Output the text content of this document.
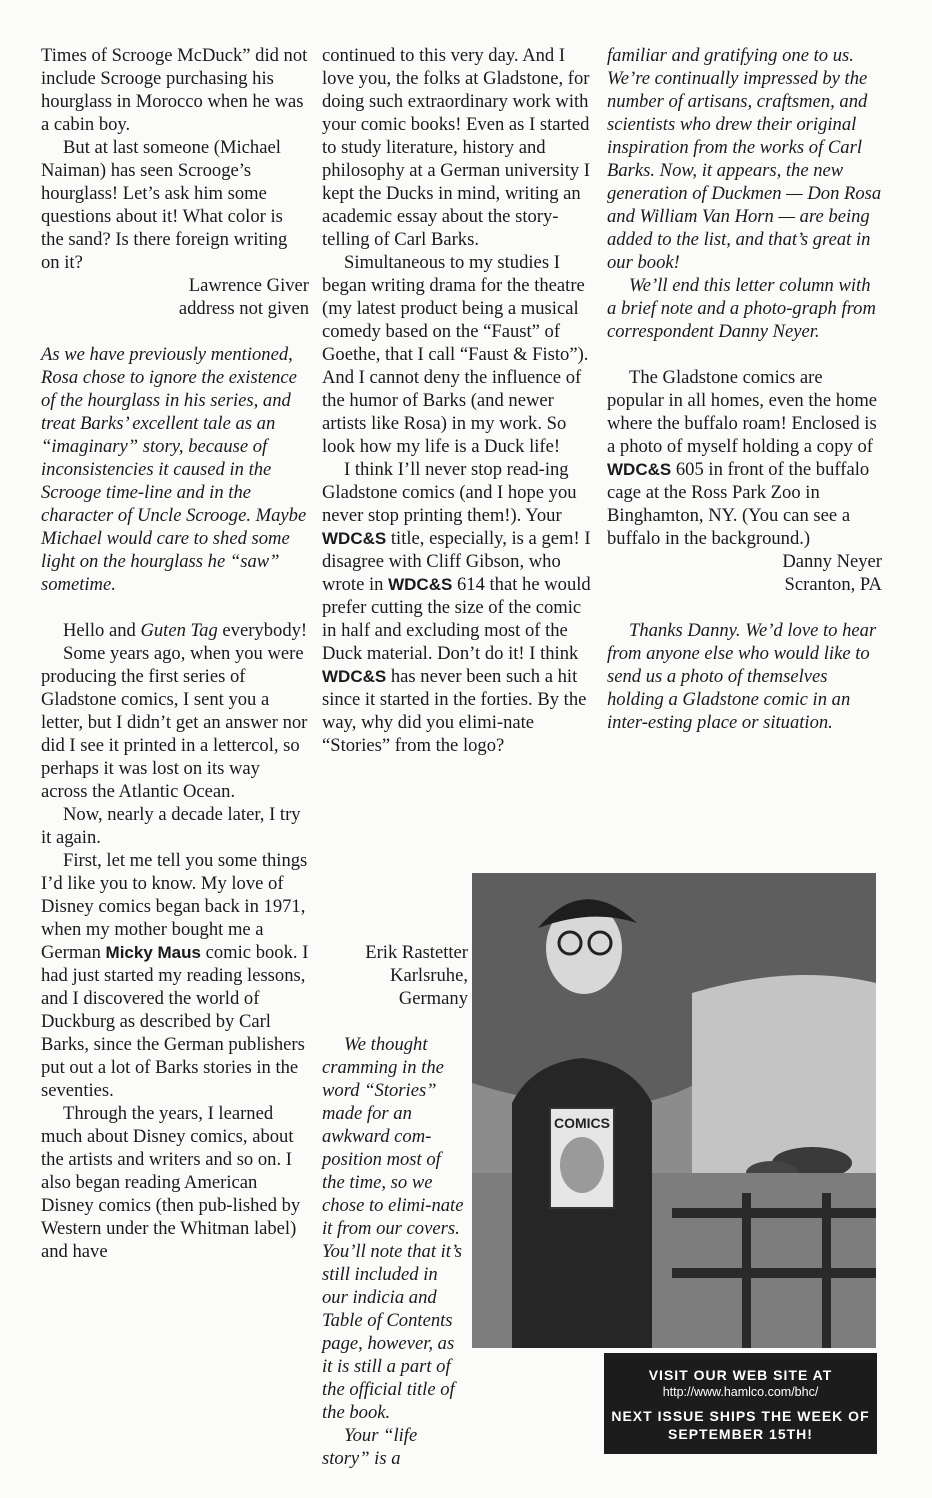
Times of Scrooge McDuck” did not include Scrooge purchasing his hourglass in Morocco when he was a cabin boy.

But at last someone (Michael Naiman) has seen Scrooge’s hourglass! Let’s ask him some questions about it! What color is the sand? Is there foreign writing on it?

Lawrence Giver

address not given

As we have previously mentioned, Rosa chose to ignore the existence of the hourglass in his series, and treat Barks’ excellent tale as an “imaginary” story, because of inconsistencies it caused in the Scrooge time-line and in the character of Uncle Scrooge. Maybe Michael would care to shed some light on the hourglass he “saw” sometime.

Hello and Guten Tag everybody!

Some years ago, when you were producing the first series of Gladstone comics, I sent you a letter, but I didn’t get an answer nor did I see it printed in a lettercol, so perhaps it was lost on its way across the Atlantic Ocean.

Now, nearly a decade later, I try it again.

First, let me tell you some things I’d like you to know. My love of Disney comics began back in 1971, when my mother bought me a German Micky Maus comic book. I had just started my reading lessons, and I discovered the world of Duckburg as described by Carl Barks, since the German publishers put out a lot of Barks stories in the seventies.

Through the years, I learned much about Disney comics, about the artists and writers and so on. I also began reading American Disney comics (then pub-lished by Western under the Whitman label) and have

continued to this very day. And I love you, the folks at Gladstone, for doing such extraordinary work with your comic books! Even as I started to study literature, history and philosophy at a German university I kept the Ducks in mind, writing an academic essay about the story-telling of Carl Barks.

Simultaneous to my studies I began writing drama for the theatre (my latest product being a musical comedy based on the “Faust” of Goethe, that I call “Faust & Fisto”). And I cannot deny the influence of the humor of Barks (and newer artists like Rosa) in my work. So look how my life is a Duck life!

I think I’ll never stop read-ing Gladstone comics (and I hope you never stop printing them!). Your WDC&S title, especially, is a gem! I disagree with Cliff Gibson, who wrote in WDC&S 614 that he would prefer cutting the size of the comic in half and excluding most of the Duck material. Don’t do it! I think WDC&S has never been such a hit since it started in the forties. By the way, why did you elimi-nate “Stories” from the logo?

Erik Rastetter

Karlsruhe,

Germany

We thought cramming in the word “Stories” made for an awkward com-position most of the time, so we chose to elimi-nate it from our covers. You’ll note that it’s still included in our indicia and Table of Contents page, however, as it is still a part of the official title of the book.

Your “life story” is a

familiar and gratifying one to us. We’re continually impressed by the number of artisans, craftsmen, and scientists who drew their original inspiration from the works of Carl Barks. Now, it appears, the new generation of Duckmen — Don Rosa and William Van Horn — are being added to the list, and that’s great in our book!

We’ll end this letter column with a brief note and a photo-graph from correspondent Danny Neyer.

The Gladstone comics are popular in all homes, even the home where the buffalo roam! Enclosed is a photo of myself holding a copy of WDC&S 605 in front of the buffalo cage at the Ross Park Zoo in Binghamton, NY. (You can see a buffalo in the background.)

Danny Neyer

Scranton, PA

Thanks Danny. We’d love to hear from anyone else who would like to send us a photo of themselves holding a Gladstone comic in an inter-esting place or situation.

COMICS
VISIT OUR WEB SITE AT
http://www.hamlco.com/bhc/
NEXT ISSUE SHIPS THE WEEK OF SEPTEMBER 15TH!
